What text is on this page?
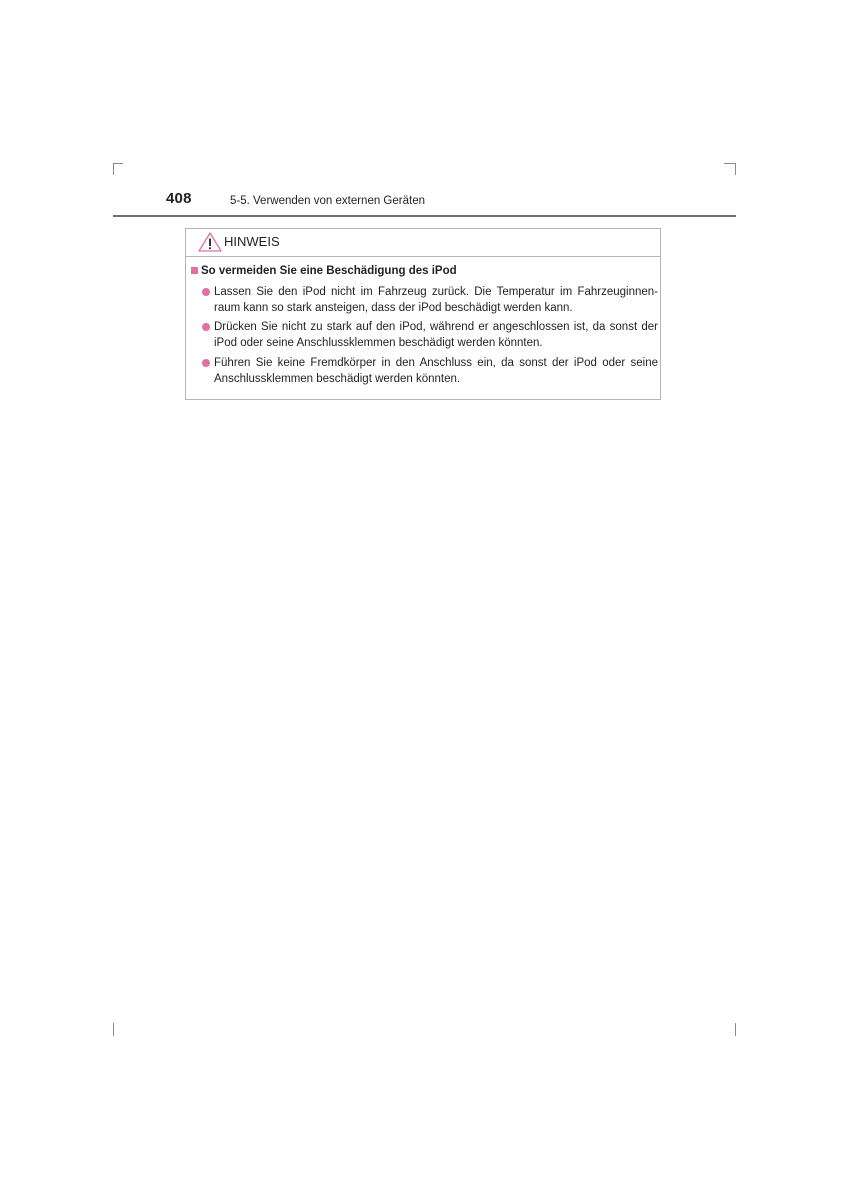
408	5-5. Verwenden von externen Geräten
HINWEIS
So vermeiden Sie eine Beschädigung des iPod
Lassen Sie den iPod nicht im Fahrzeug zurück. Die Temperatur im Fahrzeuginnen-raum kann so stark ansteigen, dass der iPod beschädigt werden kann.
Drücken Sie nicht zu stark auf den iPod, während er angeschlossen ist, da sonst der iPod oder seine Anschlussklemmen beschädigt werden könnten.
Führen Sie keine Fremdkörper in den Anschluss ein, da sonst der iPod oder seine Anschlussklemmen beschädigt werden könnten.
